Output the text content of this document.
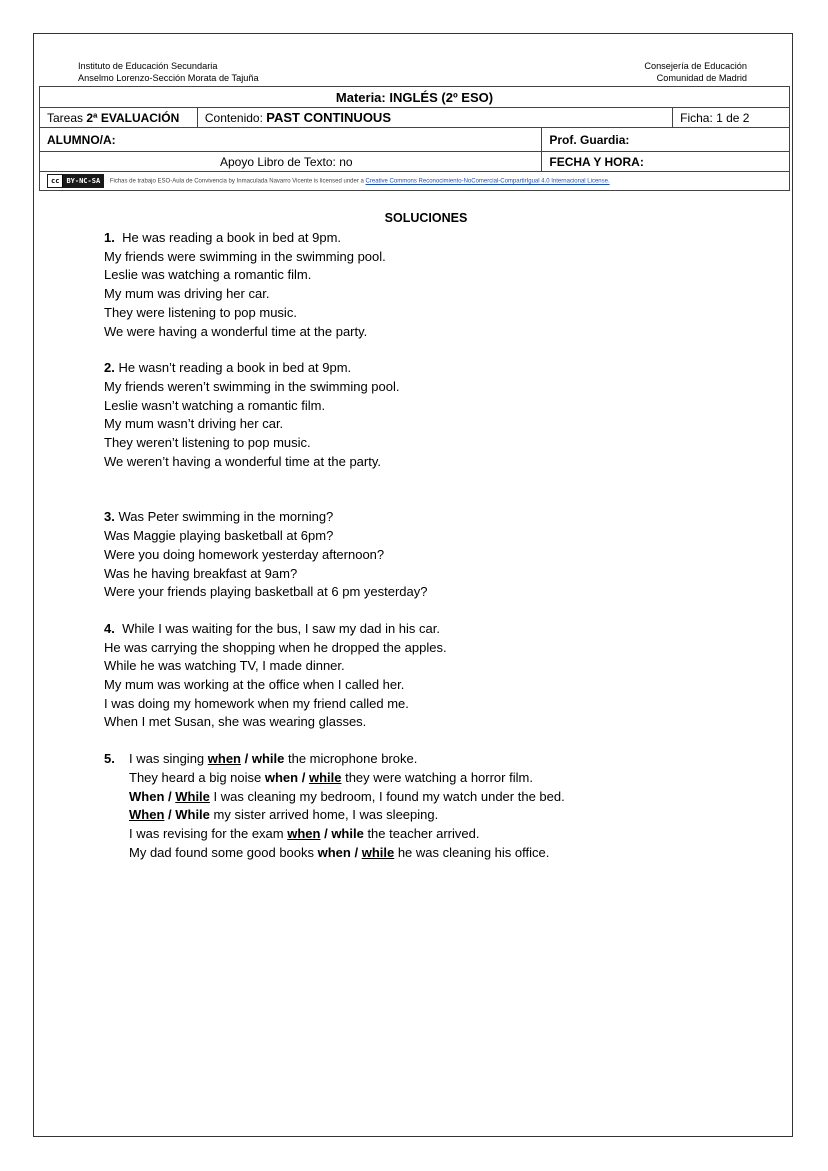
Instituto de Educación Secundaria
Anselmo Lorenzo-Sección Morata de Tajuña
Consejería de Educación
Comunidad de Madrid
Materia: INGLÉS (2º ESO)			
Tareas 2ª EVALUACIÓN	Contenido: PAST CONTINUOUS		Ficha: 1 de 2
ALUMNO/A:		Prof. Guardia:	
Apoyo Libro de Texto: no		FECHA Y HORA:	
cc BY-NC-SA Fichas de trabajo ESO-Aula de Convivencia by Inmaculada Navarro Vicente is licensed under a Creative Commons Reconocimiento-NoComercial-CompartirIgual 4.0 Internacional License.			
SOLUCIONES
1. He was reading a book in bed at 9pm.
My friends were swimming in the swimming pool.
Leslie was watching a romantic film.
My mum was driving her car.
They were listening to pop music.
We were having a wonderful time at the party.
2. He wasn’t reading a book in bed at 9pm.
My friends weren’t swimming in the swimming pool.
Leslie wasn’t watching a romantic film.
My mum wasn’t driving her car.
They weren’t listening to pop music.
We weren’t having a wonderful time at the party.
3. Was Peter swimming in the morning?
Was Maggie playing basketball at 6pm?
Were you doing homework yesterday afternoon?
Was he having breakfast at 9am?
Were your friends playing basketball at 6 pm yesterday?
4. While I was waiting for the bus, I saw my dad in his car.
He was carrying the shopping when he dropped the apples.
While he was watching TV, I made dinner.
My mum was working at the office when I called her.
I was doing my homework when my friend called me.
When I met Susan, she was wearing glasses.
5.	I was singing when / while the microphone broke.
They heard a big noise when / while they were watching a horror film.
When / While I was cleaning my bedroom, I found my watch under the bed.
When / While my sister arrived home, I was sleeping.
I was revising for the exam when / while the teacher arrived.
My dad found some good books when / while he was cleaning his office.
